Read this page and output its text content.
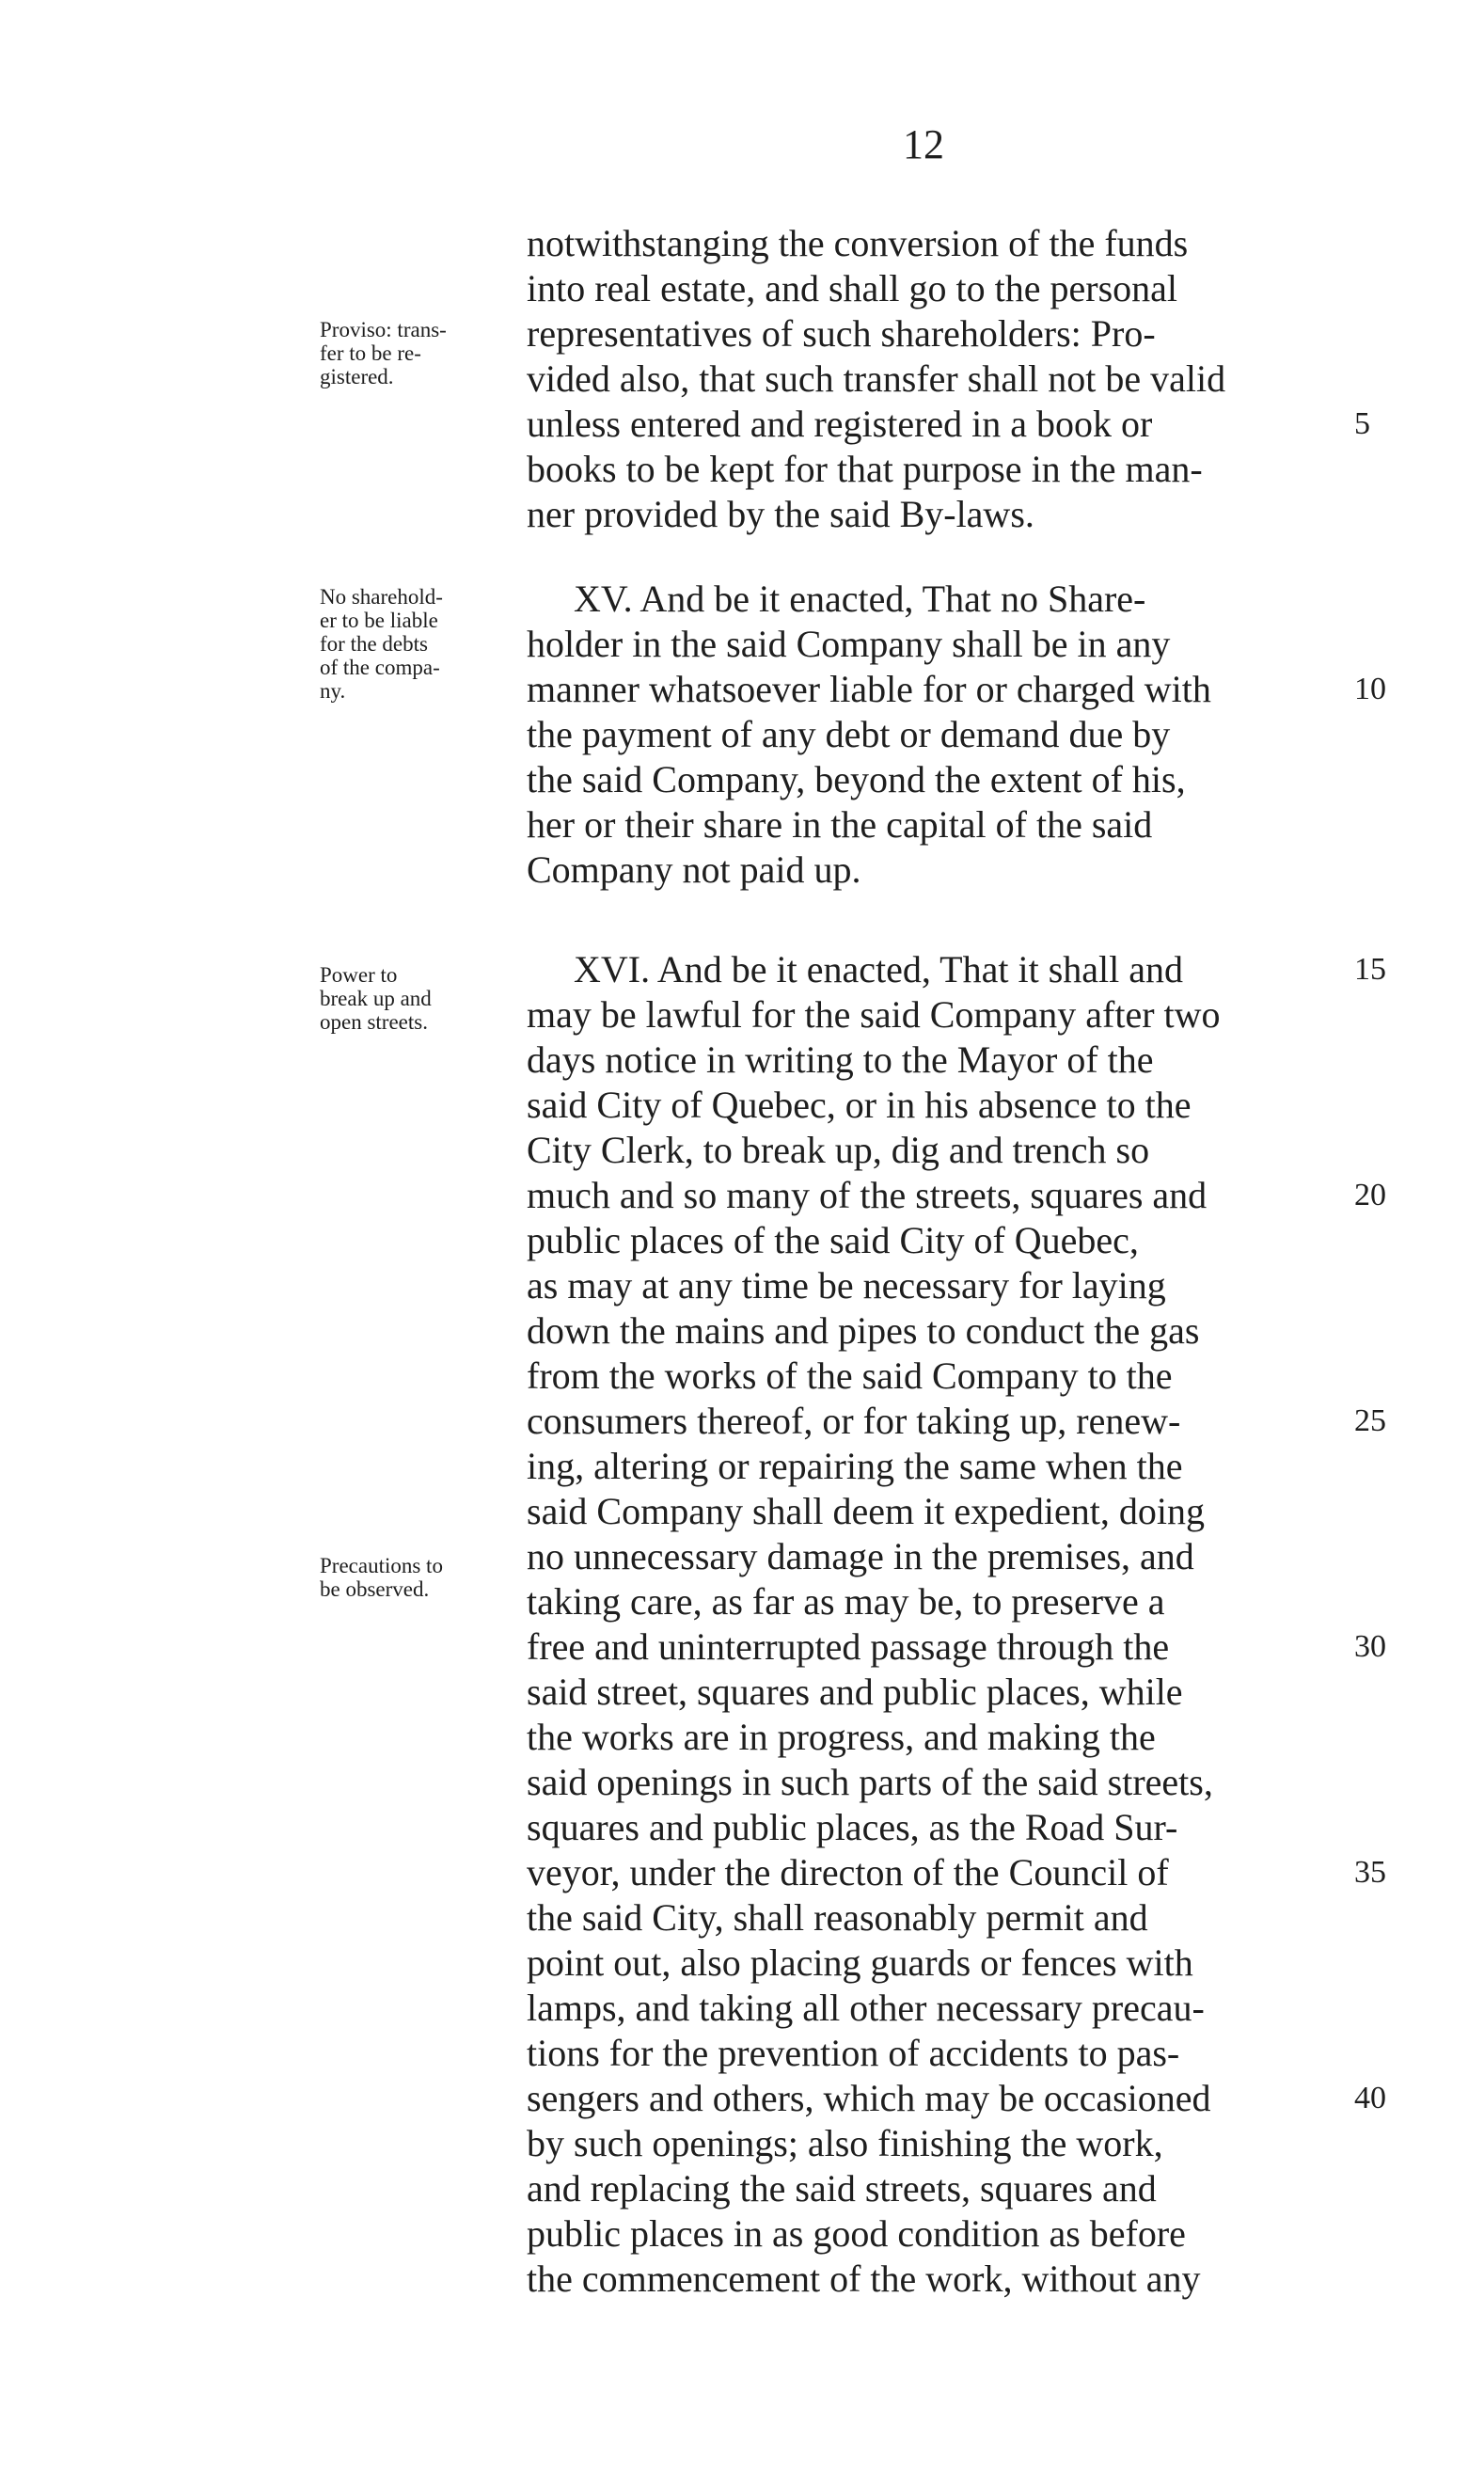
12
Proviso: trans-
fer to be re-
gistered.
No sharehold-
er to be liable
for the debts
of the compa-
ny.
Power to
break up and
open streets.
Precautions to
be observed.
notwithstanging the conversion of the funds
into real estate, and shall go to the personal
representatives of such shareholders: Pro-
vided also, that such transfer shall not be valid
unless entered and registered in a book or
books to be kept for that purpose in the man-
ner provided by the said By-laws.
XV. And be it enacted, That no Share-
holder in the said Company shall be in any
manner whatsoever liable for or charged with
the payment of any debt or demand due by
the said Company, beyond the extent of his,
her or their share in the capital of the said
Company not paid up.
XVI. And be it enacted, That it shall and
may be lawful for the said Company after two
days notice in writing to the Mayor of the
said City of Quebec, or in his absence to the
City Clerk, to break up, dig and trench so
much and so many of the streets, squares and
public places of the said City of Quebec,
as may at any time be necessary for laying
down the mains and pipes to conduct the gas
from the works of the said Company to the
consumers thereof, or for taking up, renew-
ing, altering or repairing the same when the
said Company shall deem it expedient, doing
no unnecessary damage in the premises, and
taking care, as far as may be, to preserve a
free and uninterrupted passage through the
said street, squares and public places, while
the works are in progress, and making the
said openings in such parts of the said streets,
squares and public places, as the Road Sur-
veyor, under the directon of the Council of
the said City, shall reasonably permit and
point out, also placing guards or fences with
lamps, and taking all other necessary precau-
tions for the prevention of accidents to pas-
sengers and others, which may be occasioned
by such openings; also finishing the work,
and replacing the said streets, squares and
public places in as good condition as before
the commencement of the work, without any
5
10
15
20
25
30
35
40
